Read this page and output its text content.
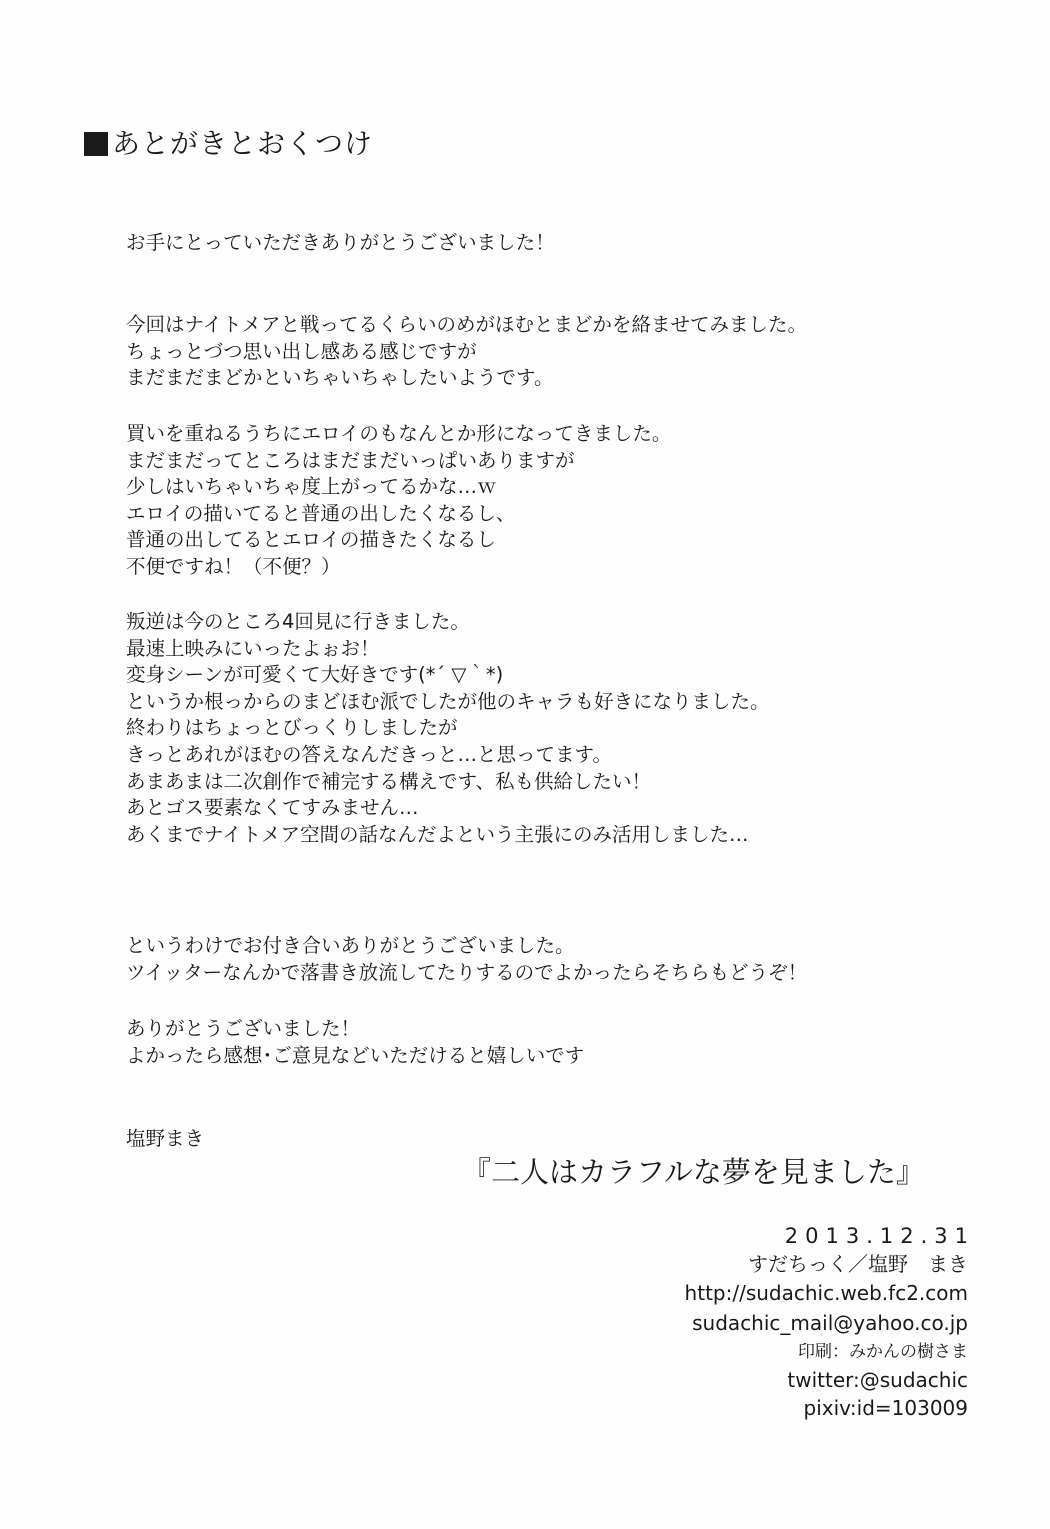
あとがきとおくつけ
お手にとっていただきありがとうございました！
今回はナイトメアと戦ってるくらいのめがほむとまどかを絡ませてみました。
ちょっとづつ思い出し感ある感じですが
まだまだまどかといちゃいちゃしたいようです。
買いを重ねるうちにエロイのもなんとか形になってきました。
まだまだってところはまだまだいっぱいありますが
少しはいちゃいちゃ度上がってるかな…ｗ
エロイの描いてると普通の出したくなるし、
普通の出してるとエロイの描きたくなるし
不便ですね！（不便？）
叛逆は今のところ4回見に行きました。
最速上映みにいったよぉお！
変身シーンが可愛くて大好きです(*´ ▽｀*)
というか根っからのまどほむ派でしたが他のキャラも好きになりました。
終わりはちょっとびっくりしましたが
きっとあれがほむの答えなんだきっと…と思ってます。
あまあまは二次創作で補完する構えです、私も供給したい！
あとゴス要素なくてすみません…
あくまでナイトメア空間の話なんだよという主張にのみ活用しました…
というわけでお付き合いありがとうございました。
ツイッターなんかで落書き放流してたりするのでよかったらそちらもどうぞ！
ありがとうございました！
よかったら感想･ご意見などいただけると嬉しいです
塩野まき
『二人はカラフルな夢を見ました』
2013.12.31
すだちっく／塩野　まき
http://sudachic.web.fc2.com
sudachic_mail@yahoo.co.jp
印刷：みかんの樹さま
twitter:@sudachic
pixiv:id=103009
